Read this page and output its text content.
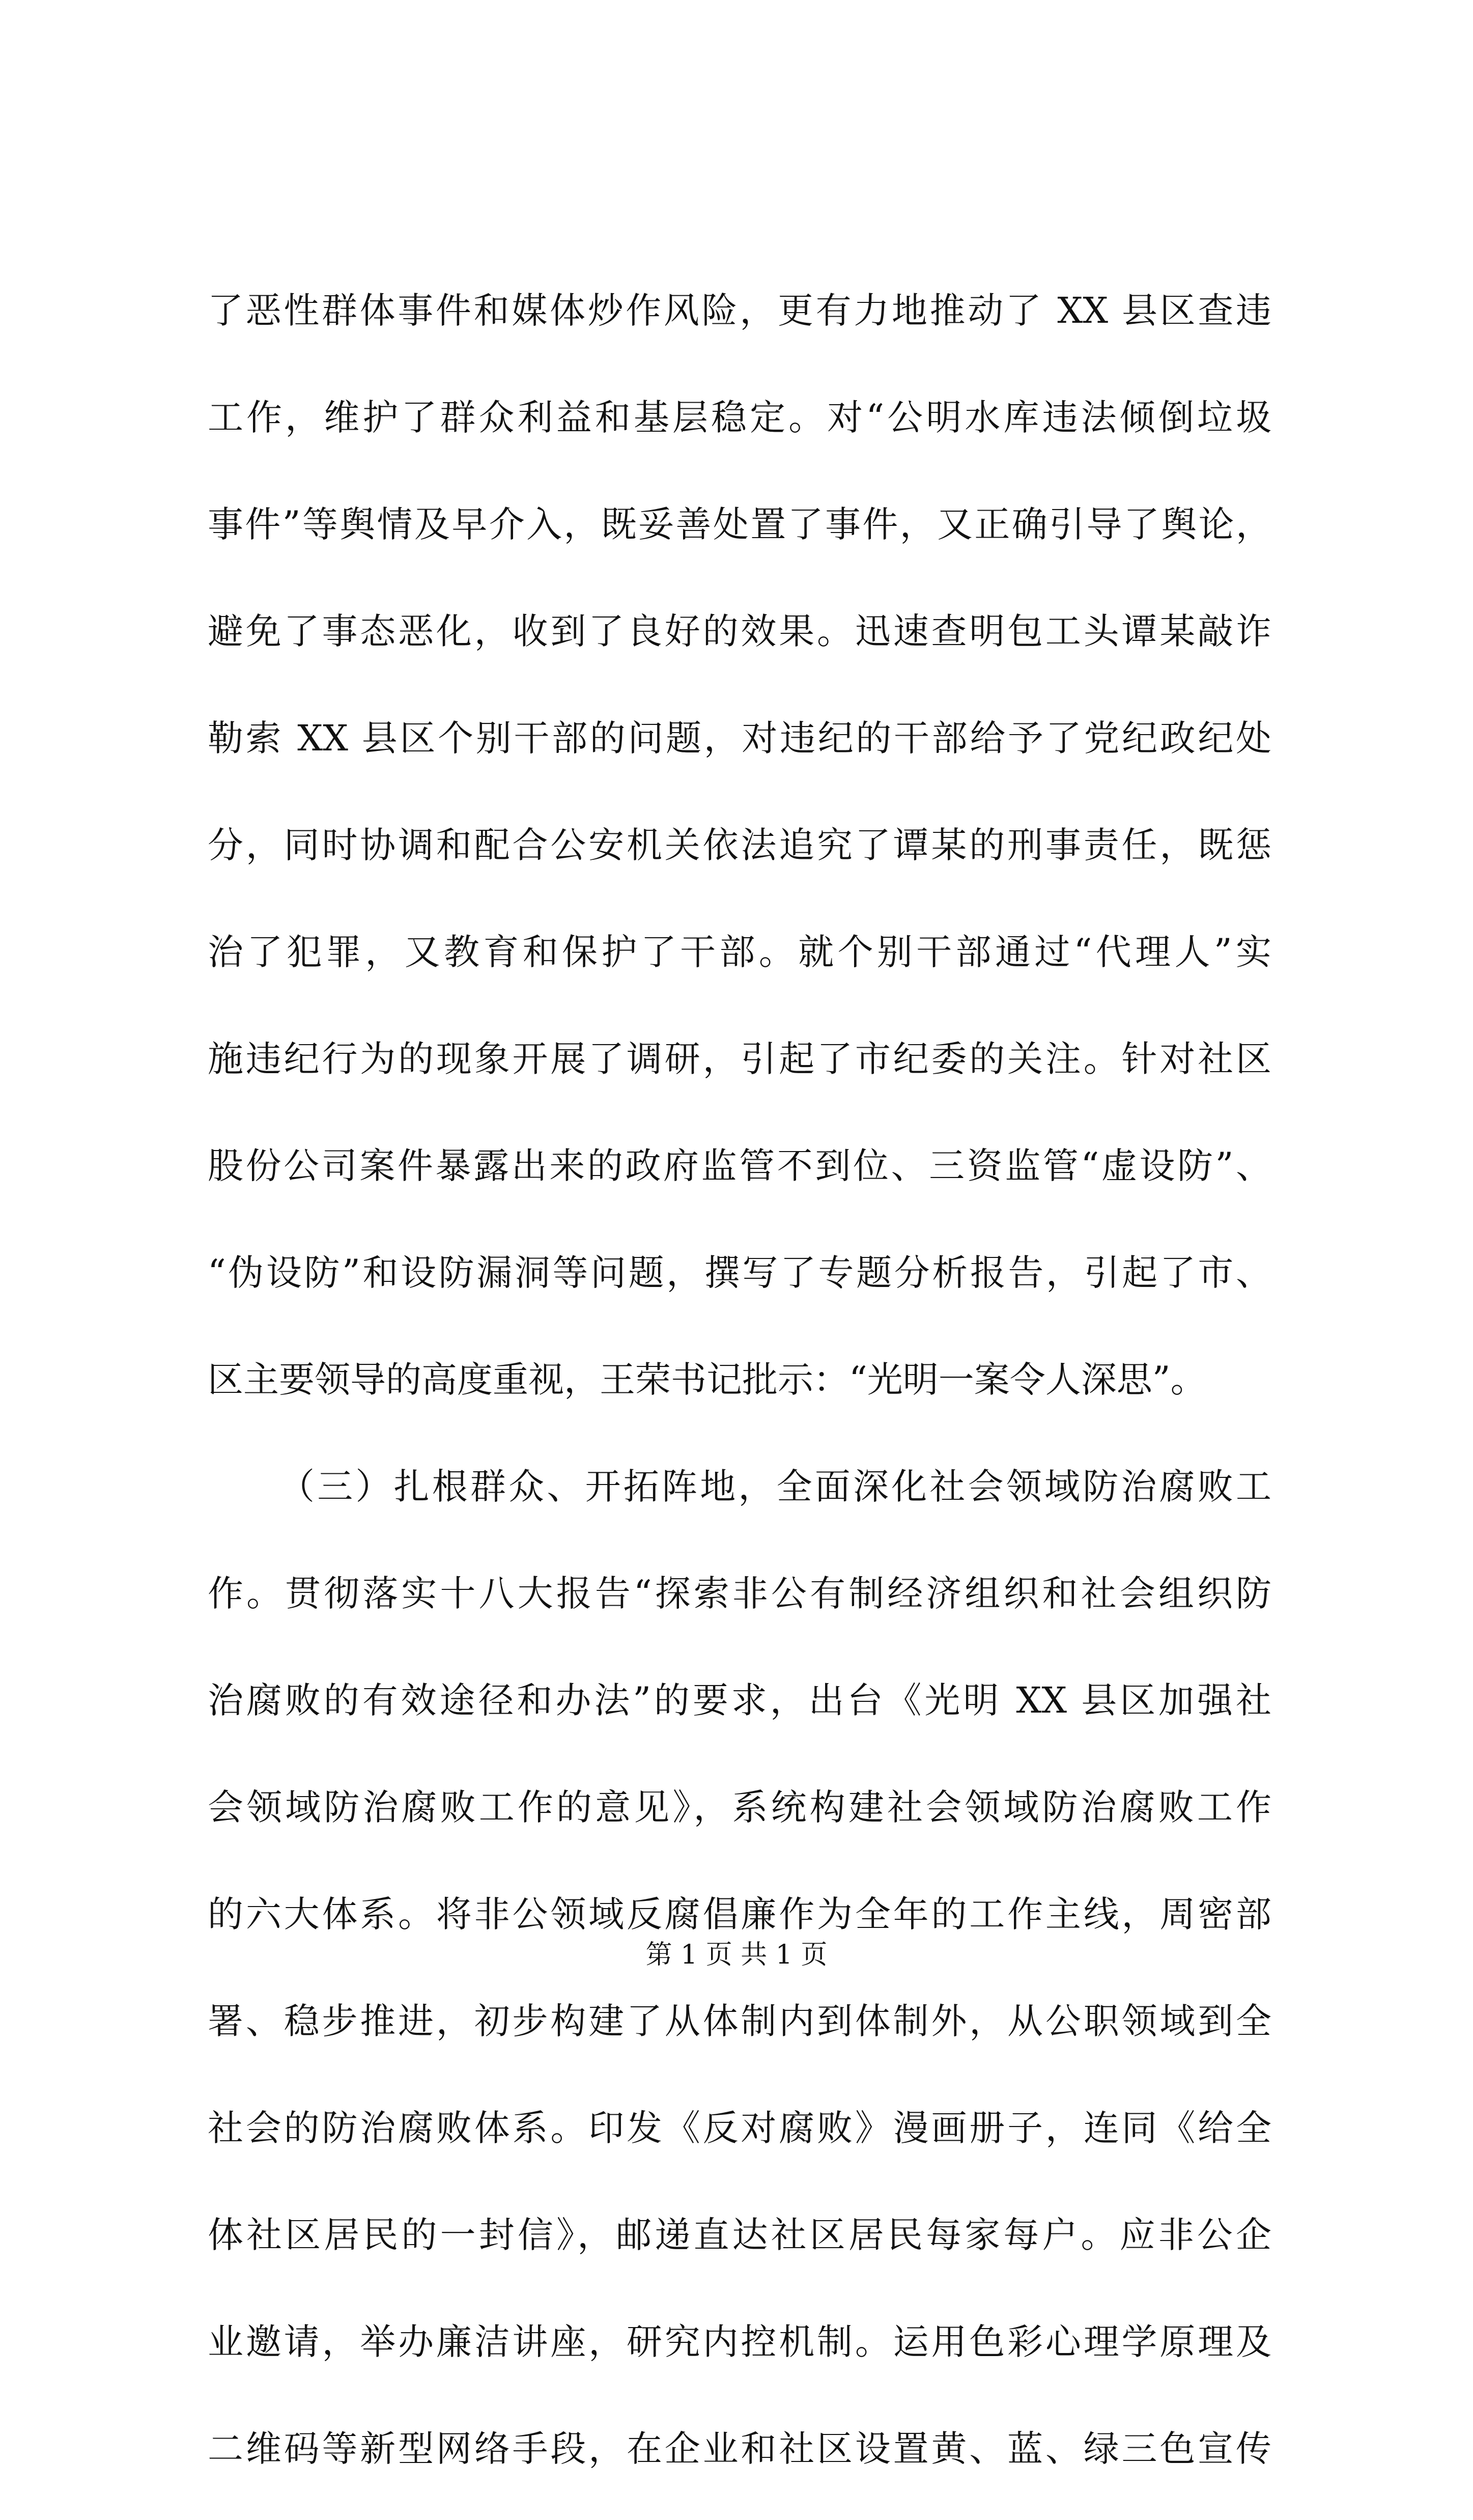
了恶性群体事件和媒体炒作风险，更有力地推动了 XX 县区查违
工作，维护了群众利益和基层稳定。对“公明水库违法倾倒垃圾
事件”等舆情及早介入，既妥善处置了事件，又正确引导了舆论，
避免了事态恶化，收到了良好的效果。迅速查明包工头谭某敲诈
勒索 XX 县区个别干部的问题，对违纪的干部给予了党纪政纪处
分，同时协调和配合公安机关依法追究了谭某的刑事责任，既惩
治了犯罪，又教育和保护了干部。就个别干部通过“代理人”实
施违纪行为的现象开展了调研，引起了市纪委的关注。针对社区
股份公司案件暴露出来的政府监管不到位、三资监管“虚设防”、
“伪设防”和设防漏洞等问题，撰写了专题分析报告，引起了市、
区主要领导的高度重视，王荣书记批示：“光明一案令人深思”。
（三）扎根群众、开拓阵地，全面深化社会领域防治腐败工
作。贯彻落实十八大报告“探索非公有制经济组织和社会组织防
治腐败的有效途径和办法”的要求，出台《光明 XX 县区加强社
会领域防治腐败工作的意见》，系统构建社会领域防治腐败工作
的六大体系。将非公领域反腐倡廉作为全年的工作主线，周密部
署、稳步推进，初步构建了从体制内到体制外，从公职领域到全
社会的防治腐败体系。印发《反对腐败》漫画册子，连同《给全
体社区居民的一封信》，邮递直达社区居民每家每户。应非公企
业邀请，举办廉洁讲座，研究内控机制。运用色彩心理学原理及
二维码等新型网络手段，在企业和社区设置黄、蓝、绿三色宣传
第 1 页 共 1 页
